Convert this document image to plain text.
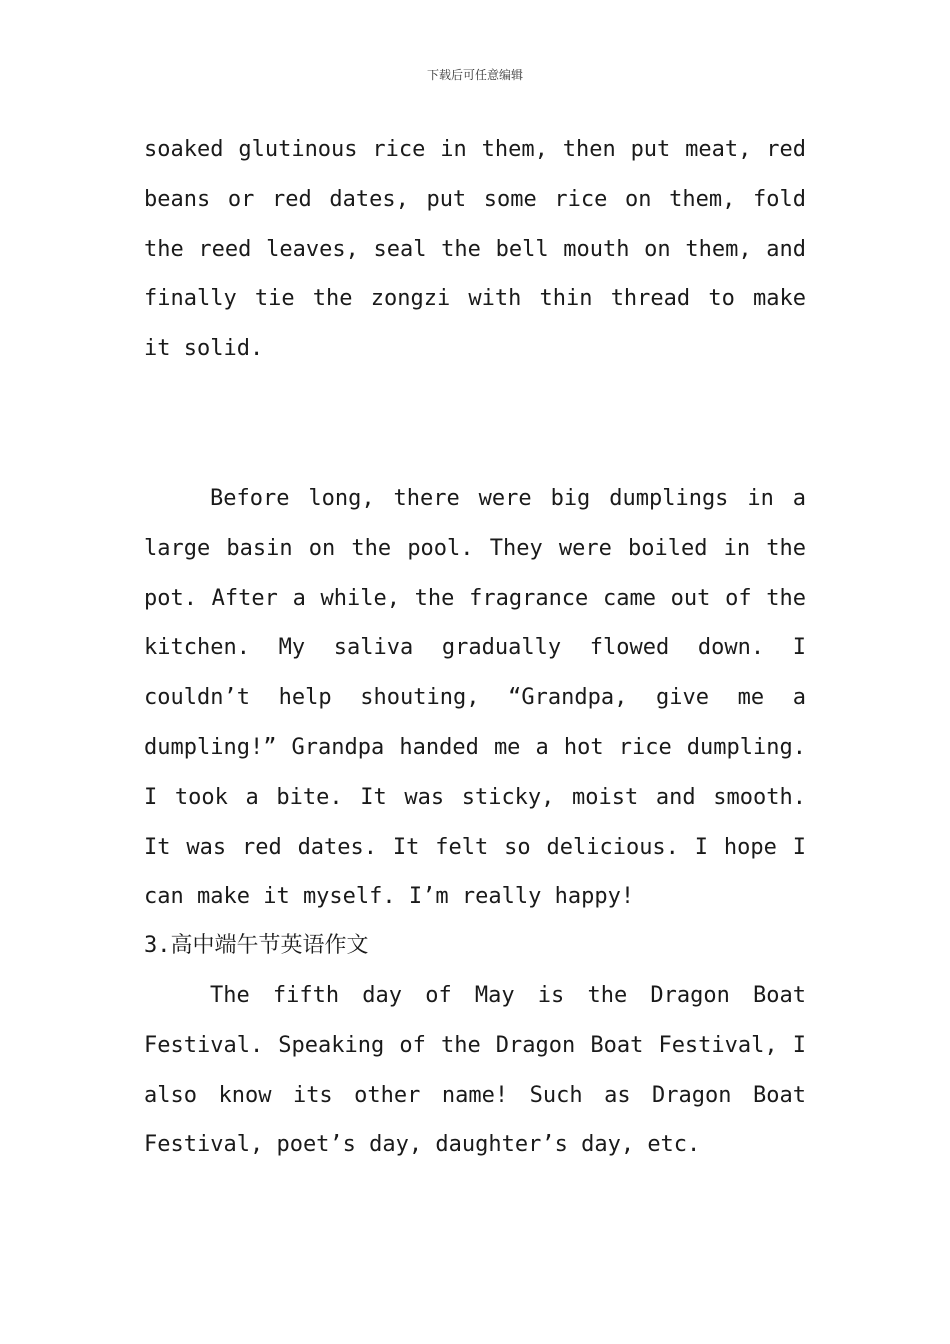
下载后可任意编辑

soaked glutinous rice in them, then put meat, red beans or red dates, put some rice on them, fold the reed leaves, seal the bell mouth on them, and finally tie the zongzi with thin thread to make it solid.

Before long, there were big dumplings in a large basin on the pool. They were boiled in the pot. After a while, the fragrance came out of the kitchen. My saliva gradually flowed down. I couldn’t help shouting, “Grandpa, give me a dumpling!” Grandpa handed me a hot rice dumpling. I took a bite. It was sticky, moist and smooth. It was red dates. It felt so delicious. I hope I can make it myself. I’m really happy!

3.高中端午节英语作文

The fifth day of May is the Dragon Boat Festival. Speaking of the Dragon Boat Festival, I also know its other name! Such as Dragon Boat Festival, poet’s day, daughter’s day, etc.
